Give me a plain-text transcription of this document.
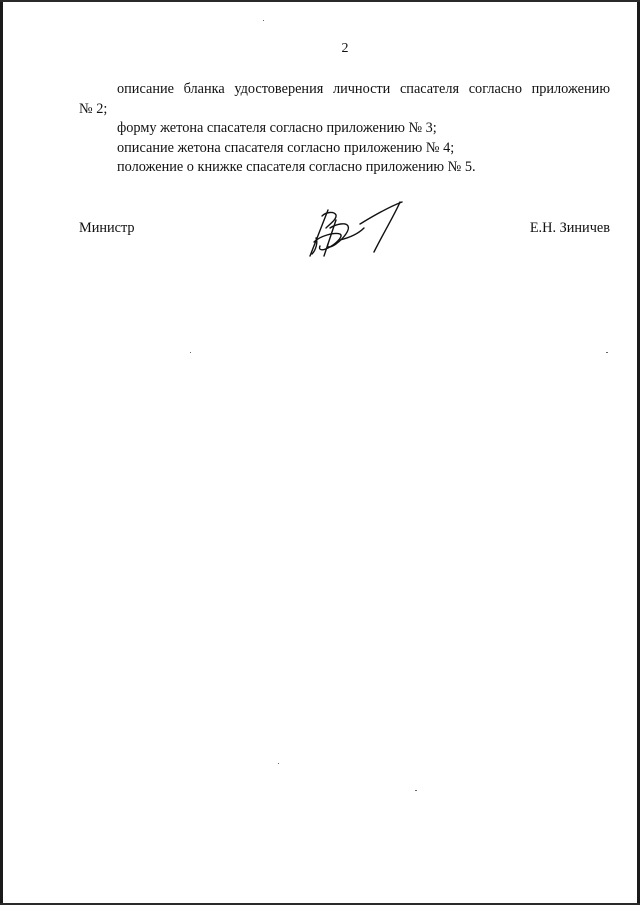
2

описание бланка удостоверения личности спасателя согласно приложению

№ 2;

форму жетона спасателя согласно приложению № 3;

описание жетона спасателя согласно приложению № 4;

положение о книжке спасателя согласно приложению № 5.

Министр	Е.Н. Зиничев
